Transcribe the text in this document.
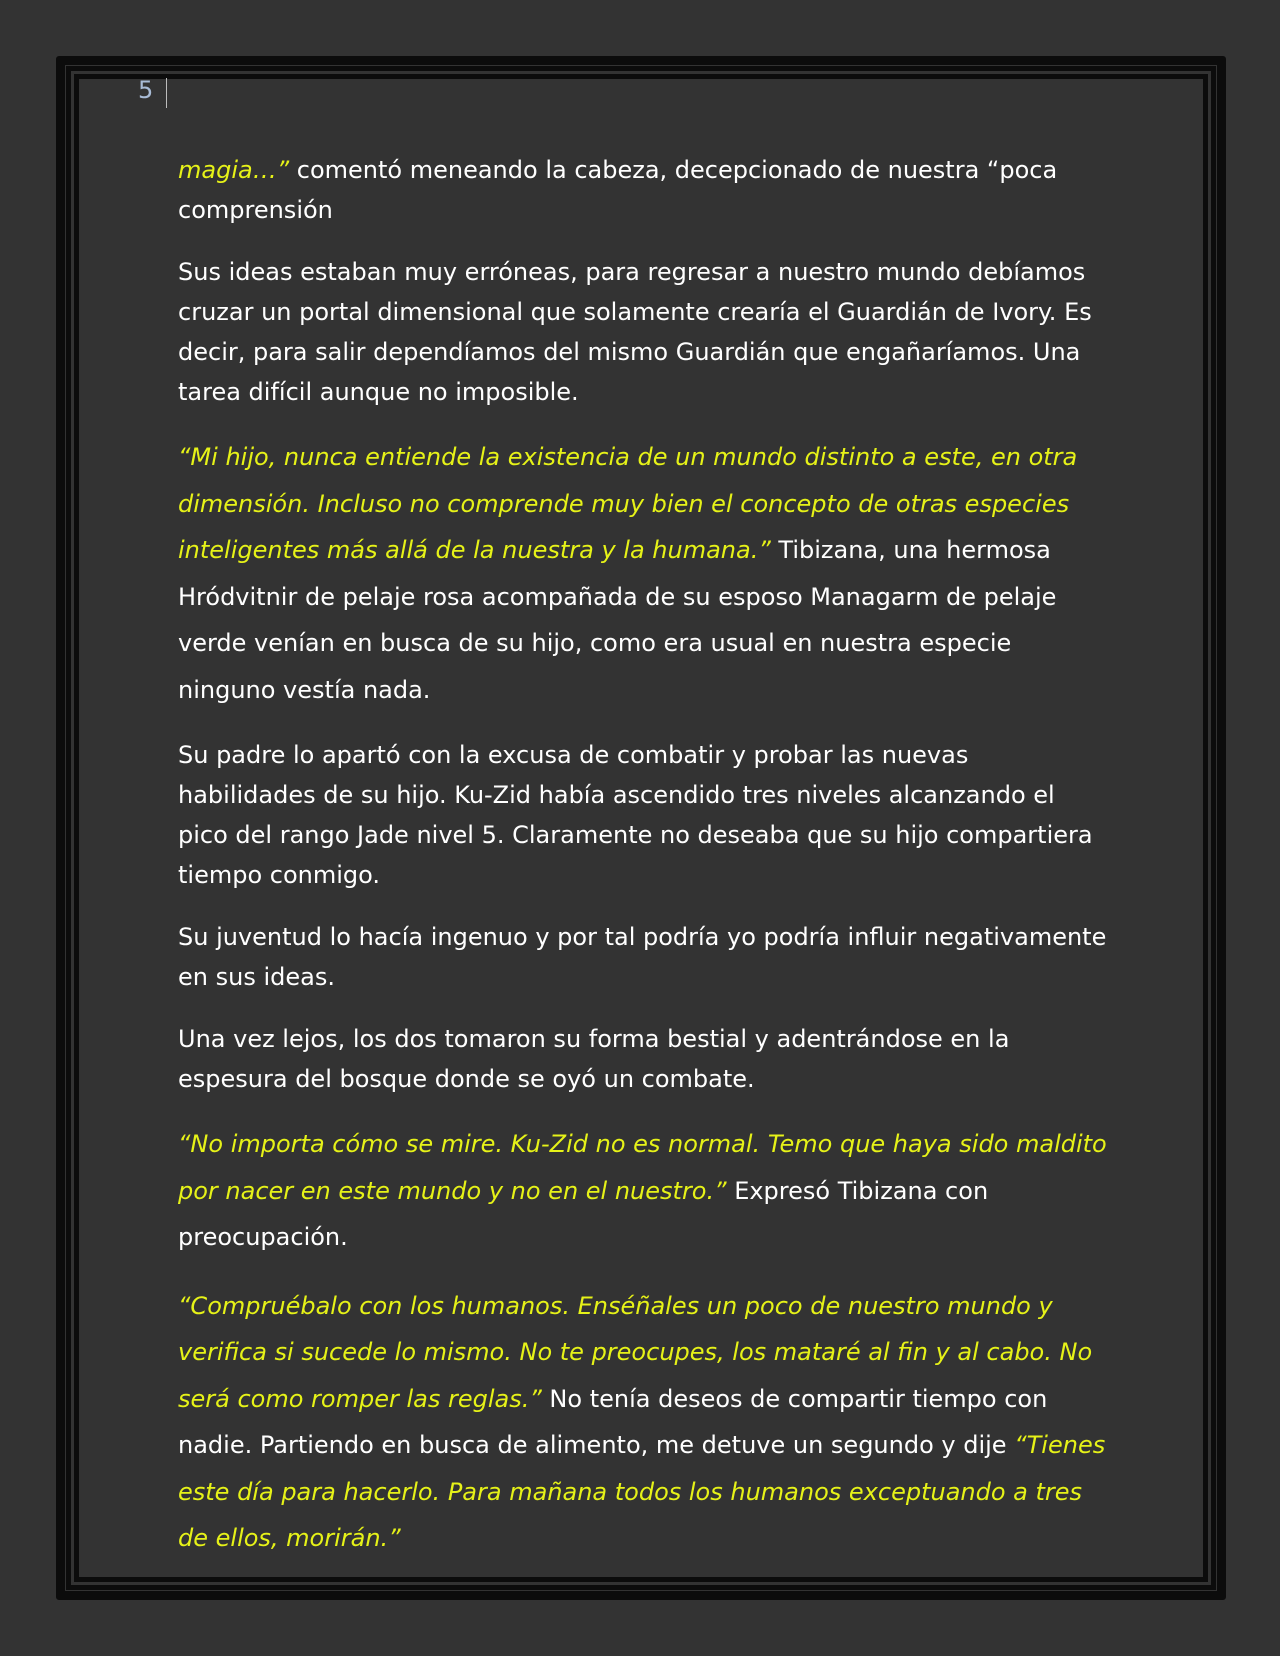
5

magia…” comentó meneando la cabeza, decepcionado de nuestra “poca comprensión

Sus ideas estaban muy erróneas, para regresar a nuestro mundo debíamos cruzar un portal dimensional que solamente crearía el Guardián de Ivory. Es decir, para salir dependíamos del mismo Guardián que engañaríamos. Una tarea difícil aunque no imposible.

“Mi hijo, nunca entiende la existencia de un mundo distinto a este, en otra dimensión. Incluso no comprende muy bien el concepto de otras especies inteligentes más allá de la nuestra y la humana.” Tibizana, una hermosa Hródvitnir de pelaje rosa acompañada de su esposo Managarm de pelaje verde venían en busca de su hijo, como era usual en nuestra especie ninguno vestía nada.

Su padre lo apartó con la excusa de combatir y probar las nuevas habilidades de su hijo. Ku-Zid había ascendido tres niveles alcanzando el pico del rango Jade nivel 5. Claramente no deseaba que su hijo compartiera tiempo conmigo.

Su juventud lo hacía ingenuo y por tal podría yo podría influir negativamente en sus ideas.

Una vez lejos, los dos tomaron su forma bestial y adentrándose en la espesura del bosque donde se oyó un combate.

“No importa cómo se mire. Ku-Zid no es normal. Temo que haya sido maldito por nacer en este mundo y no en el nuestro.” Expresó Tibizana con preocupación.

“Compruébalo con los humanos. Enséñales un poco de nuestro mundo y verifica si sucede lo mismo. No te preocupes, los mataré al fin y al cabo. No será como romper las reglas.” No tenía deseos de compartir tiempo con nadie. Partiendo en busca de alimento, me detuve un segundo y dije “Tienes este día para hacerlo. Para mañana todos los humanos exceptuando a tres de ellos, morirán.”
